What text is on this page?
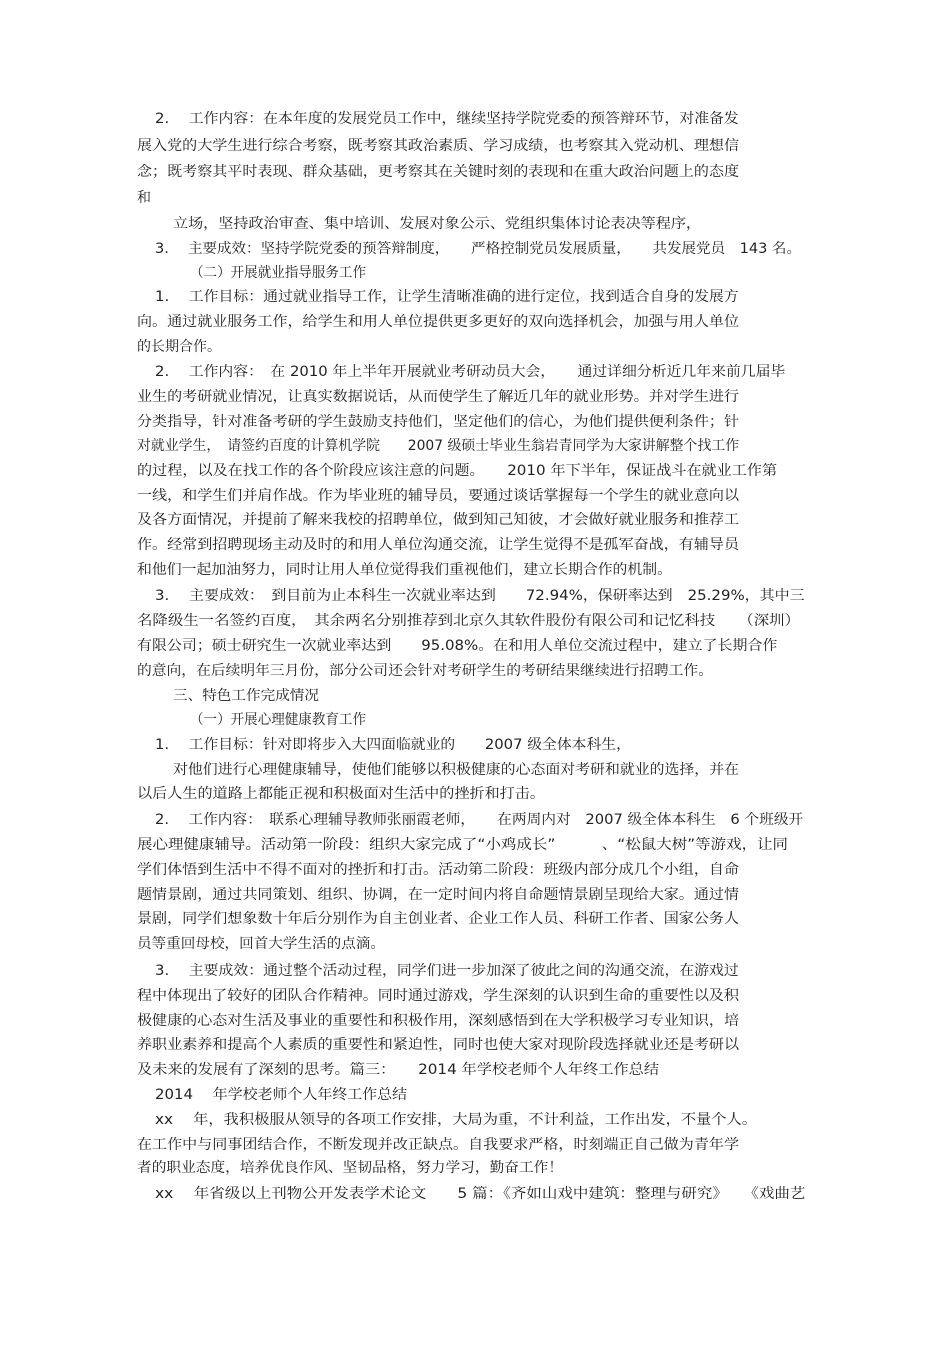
2.　 工作内容：在本年度的发展党员工作中，继续坚持学院党委的预答辩环节，对准备发
展入党的大学生进行综合考察，既考察其政治素质、学习成绩，也考察其入党动机、理想信
念；既考察其平时表现、群众基础，更考察其在关键时刻的表现和在重大政治问题上的态度
和
立场，坚持政治审查、集中培训、发展对象公示、党组织集体讨论表决等程序，
3.　 主要成效：坚持学院党委的预答辩制度，　　严格控制党员发展质量，　　共发展党员　143 名。
（二）开展就业指导服务工作
1.　 工作目标：通过就业指导工作，让学生清晰准确的进行定位，找到适合自身的发展方
向。通过就业服务工作，给学生和用人单位提供更多更好的双向选择机会，加强与用人单位
的长期合作。
2.　 工作内容：　在 2010 年上半年开展就业考研动员大会，　　通过详细分析近几年来前几届毕
业生的考研就业情况，让真实数据说话，从而使学生了解近几年的就业形势。并对学生进行
分类指导，针对准备考研的学生鼓励支持他们，坚定他们的信心，为他们提供便利条件；针
对就业学生，　请签约百度的计算机学院　　2007 级硕士毕业生翁岩青同学为大家讲解整个找工作
的过程，以及在找工作的各个阶段应该注意的问题。　　2010 年下半年，保证战斗在就业工作第
一线，和学生们并肩作战。作为毕业班的辅导员，要通过谈话掌握每一个学生的就业意向以
及各方面情况，并提前了解来我校的招聘单位，做到知己知彼，才会做好就业服务和推荐工
作。经常到招聘现场主动及时的和用人单位沟通交流，让学生觉得不是孤军奋战，有辅导员
和他们一起加油努力，同时让用人单位觉得我们重视他们，建立长期合作的机制。
3.　 主要成效：　到目前为止本科生一次就业率达到　　72.94%，保研率达到　25.29%，其中三
名降级生一名签约百度，　其余两名分别推荐到北京久其软件股份有限公司和记忆科技　　（深圳）
有限公司；硕士研究生一次就业率达到　　95.08%。在和用人单位交流过程中，建立了长期合作
的意向，在后续明年三月份，部分公司还会针对考研学生的考研结果继续进行招聘工作。
三、特色工作完成情况
（一）开展心理健康教育工作
1.　 工作目标：针对即将步入大四面临就业的　　2007 级全体本科生，
对他们进行心理健康辅导，使他们能够以积极健康的心态面对考研和就业的选择，并在
以后人生的道路上都能正视和积极面对生活中的挫折和打击。
2.　 工作内容：　联系心理辅导教师张丽霞老师，　　在两周内对　2007 级全体本科生　6 个班级开
展心理健康辅导。活动第一阶段：组织大家完成了“小鸡成长”　　　、“松鼠大树”等游戏，让同
学们体悟到生活中不得不面对的挫折和打击。活动第二阶段：班级内部分成几个小组，自命
题情景剧，通过共同策划、组织、协调，在一定时间内将自命题情景剧呈现给大家。通过情
景剧，同学们想象数十年后分别作为自主创业者、企业工作人员、科研工作者、国家公务人
员等重回母校，回首大学生活的点滴。
3.　 主要成效：通过整个活动过程，同学们进一步加深了彼此之间的沟通交流，在游戏过
程中体现出了较好的团队合作精神。同时通过游戏，学生深刻的认识到生命的重要性以及积
极健康的心态对生活及事业的重要性和积极作用，深刻感悟到在大学积极学习专业知识，培
养职业素养和提高个人素质的重要性和紧迫性，同时也使大家对现阶段选择就业还是考研以
及未来的发展有了深刻的思考。篇三：　　2014 年学校老师个人年终工作总结
2014　 年学校老师个人年终工作总结
xx　 年，我积极服从领导的各项工作安排，大局为重，不计利益，工作出发，不量个人。
在工作中与同事团结合作，不断发现并改正缺点。自我要求严格，时刻端正自己做为青年学
者的职业态度，培养优良作风、坚韧品格，努力学习，勤奋工作！
xx　 年省级以上刊物公开发表学术论文　　5 篇：《齐如山戏中建筑：整理与研究》　　《戏曲艺
